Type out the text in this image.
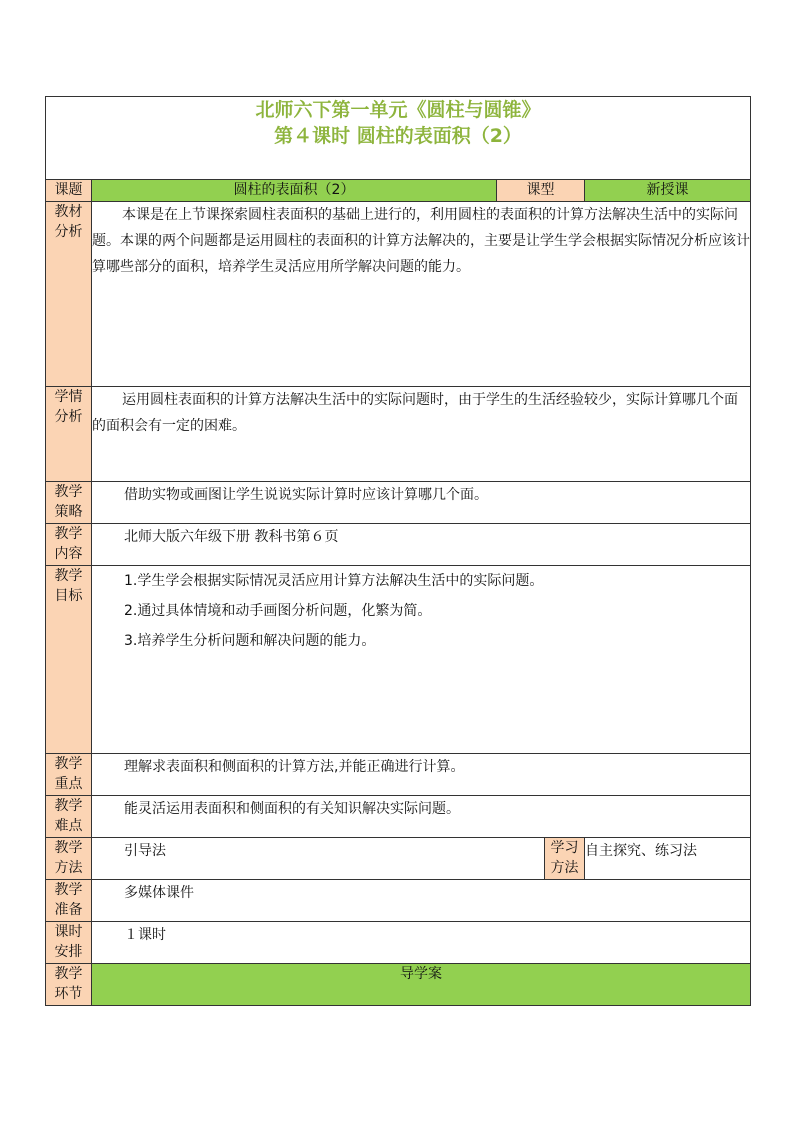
北师六下第一单元《圆柱与圆锥》
第４课时 圆柱的表面积（2）				

课题	圆柱的表面积（2）	课型		新授课

教材分析	本课是在上节课探索圆柱表面积的基础上进行的，利用圆柱的表面积的计算方法解决生活中的实际问题。本课的两个问题都是运用圆柱的表面积的计算方法解决的，主要是让学生学会根据实际情况分析应该计算哪些部分的面积，培养学生灵活应用所学解决问题的能力。			

学情分析	运用圆柱表面积的计算方法解决生活中的实际问题时，由于学生的生活经验较少，实际计算哪几个面的面积会有一定的困难。			

教学策略	借助实物或画图让学生说说实际计算时应该计算哪几个面。			

教学内容	北师大版六年级下册 教科书第６页			

教学目标	1.学生学会根据实际情况灵活应用计算方法解决生活中的实际问题。

2.通过具体情境和动手画图分析问题，化繁为简。

3.培养学生分析问题和解决问题的能力。			

教学重点	理解求表面积和侧面积的计算方法,并能正确进行计算。			

教学难点	能灵活运用表面积和侧面积的有关知识解决实际问题。			

教学方法	引导法		学习方法	自主探究、练习法

教学准备	多媒体课件			

课时安排	１课时			

教学环节	导学案			
